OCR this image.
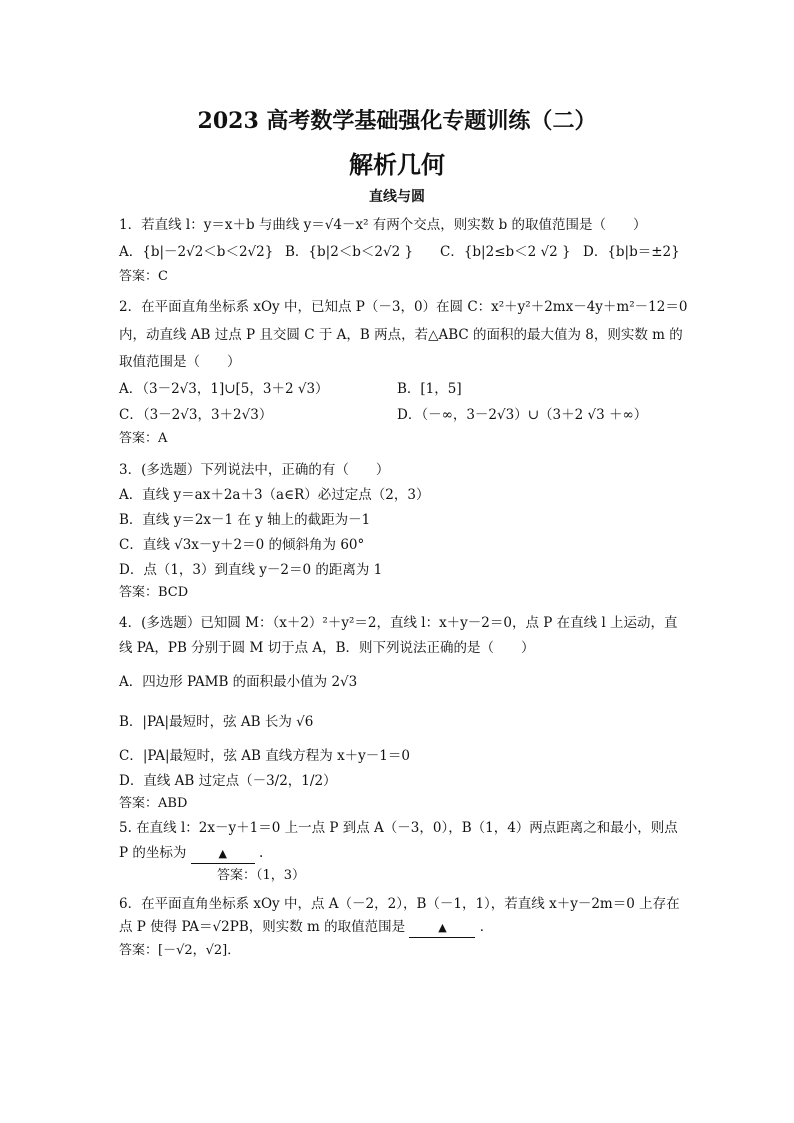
2023 高考数学基础强化专题训练（二）
解析几何
直线与圆
1．若直线 l：y＝x＋b 与曲线 y＝√4－x² 有两个交点，则实数 b 的取值范围是（　　）
A．{b|－2√2＜b＜2√2} B．{b|2＜b＜2√2 } C．{b|2≤b＜2 √2 } D．{b|b＝±2}
答案：C
2．在平面直角坐标系 xOy 中，已知点 P（－3，0）在圆 C：x²＋y²＋2mx－4y＋m²－12＝0
内，动直线 AB 过点 P 且交圆 C 于 A，B 两点，若△ABC 的面积的最大值为 8，则实数 m 的
取值范围是（　　）
A．（3－2√3，1]∪[5，3＋2 √3）	B．[1，5]
C．（3－2√3，3＋2√3）	D．（－∞，3－2√3）∪（3＋2 √3 ＋∞）
答案：A
3．(多选题）下列说法中，正确的有（　　）
A．直线 y＝ax＋2a＋3（a∈R）必过定点（2，3）
B．直线 y＝2x－1 在 y 轴上的截距为－1
C．直线 √3x－y＋2＝0 的倾斜角为 60°
D．点（1，3）到直线 y－2＝0 的距离为 1
答案：BCD
4．(多选题）已知圆 M：（x＋2）²＋y²＝2，直线 l：x＋y－2＝0，点 P 在直线 l 上运动，直
线 PA，PB 分别于圆 M 切于点 A，B．则下列说法正确的是（　　）
A．四边形 PAMB 的面积最小值为 2√3
B．|PA|最短时，弦 AB 长为 √6
C．|PA|最短时，弦 AB 直线方程为 x＋y－1＝0
D．直线 AB 过定点（－3/2，1/2）
答案：ABD
5. 在直线 l：2x－y＋1＝0 上一点 P 到点 A（－3，0），B（1，4）两点距离之和最小，则点
P 的坐标为	▲ .
答案：（1，3）
6．在平面直角坐标系 xOy 中，点 A（－2，2），B（－1，1），若直线 x＋y－2m＝0 上存在
点 P 使得 PA＝√2PB，则实数 m 的取值范围是	▲ ．
答案：[－√2，√2]．
